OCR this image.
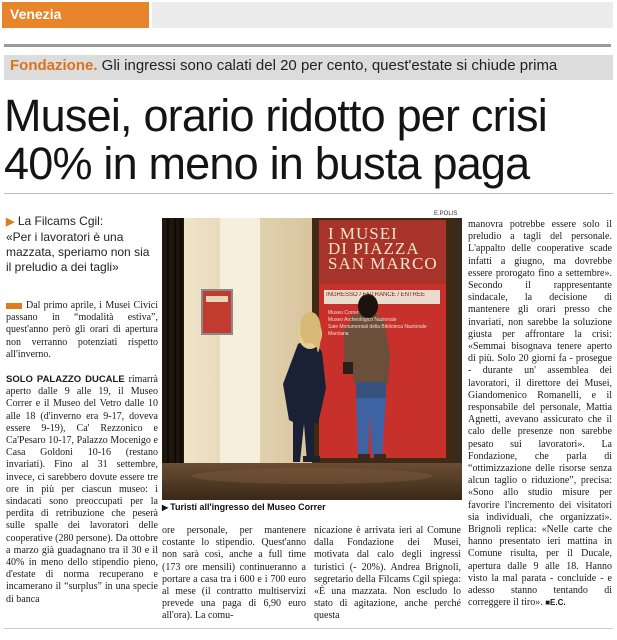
Venezia
Fondazione. Gli ingressi sono calati del 20 per cento, quest'estate si chiude prima
Musei, orario ridotto per crisi
40% in meno in busta paga
▶ La Filcams Cgil:
«Per i lavoratori è una mazzata, speriamo non sia il preludio a dei tagli»
Dal primo aprile, i Musei Civici passano in “modalità estiva”, quest'anno però gli orari di apertura non verranno potenziati rispetto all'inverno.
SOLO PALAZZO DUCALE rimarrà aperto dalle 9 alle 19, il Museo Correr e il Museo del Vetro dalle 10 alle 18 (d'inverno era 9-17, doveva essere 9-19), Ca' Rezzonico e Ca'Pesaro 10-17, Palazzo Mocenigo e Casa Goldoni 10-16 (restano invariati). Fino al 31 settembre, invece, ci sarebbero dovute essere tre ore in più per ciascun museo: i sindacati sono preoccupati per la perdita di retribuzione che peserà sulle spalle dei lavoratori delle cooperative (280 persone). Da ottobre a marzo già guadagnano tra il 30 e il 40% in meno dello stipendio pieno, d'estate di norma recuperano e incamerano il “surplus” in una specie di banca
E.POLIS
I MUSEI
DI PIAZZA
SAN MARCO
INGRESSO / ENTRANCE / ENTRÉE
Museo Correr
Museo Archeologico Nazionale
Sale Monumentali della Biblioteca Nazionale Marciana
▶ Turisti all'ingresso del Museo Correr
ore personale, per mantenere costante lo stipendio. Quest'anno non sarà così, anche a full time (173 ore mensili) continueranno a portare a casa tra i 600 e i 700 euro al mese (il contratto multiservizi prevede una paga di 6,90 euro all'ora). La comu-
nicazione è arrivata ieri al Comune dalla Fondazione dei Musei, motivata dal calo degli ingressi turistici (- 20%). Andrea Brignoli, segretario della Filcams Cgil spiega: «È una mazzata. Non escludo lo stato di agitazione, anche perché questa
manovra potrebbe essere solo il preludio a tagli del personale. L'appalto delle cooperative scade infatti a giugno, ma dovrebbe essere prorogato fino a settembre». Secondo il rappresentante sindacale, la decisione di mantenere gli orari presso che invariati, non sarebbe la soluzione giusta per affrontare la crisi: «Semmai bisognava tenere aperto di più. Solo 20 giorni fa - prosegue - durante un' assemblea dei lavoratori, il direttore dei Musei, Giandomenico Romanelli, e il responsabile del personale, Mattia Agnetti, avevano assicurato che il calo delle presenze non sarebbe pesato sui lavoratori». La Fondazione, che parla di “ottimizzazione delle risorse senza alcun taglio o riduzione”, precisa: «Sono allo studio misure per favorire l'incremento dei visitatori sia individuali, che organizzati». Brignoli replica: «Nelle carte che hanno presentato ieri mattina in Comune risulta, per il Ducale, apertura dalle 9 alle 18. Hanno visto la mal parata - concluide - e adesso stanno tentando di correggere il tiro». ■E.C.
